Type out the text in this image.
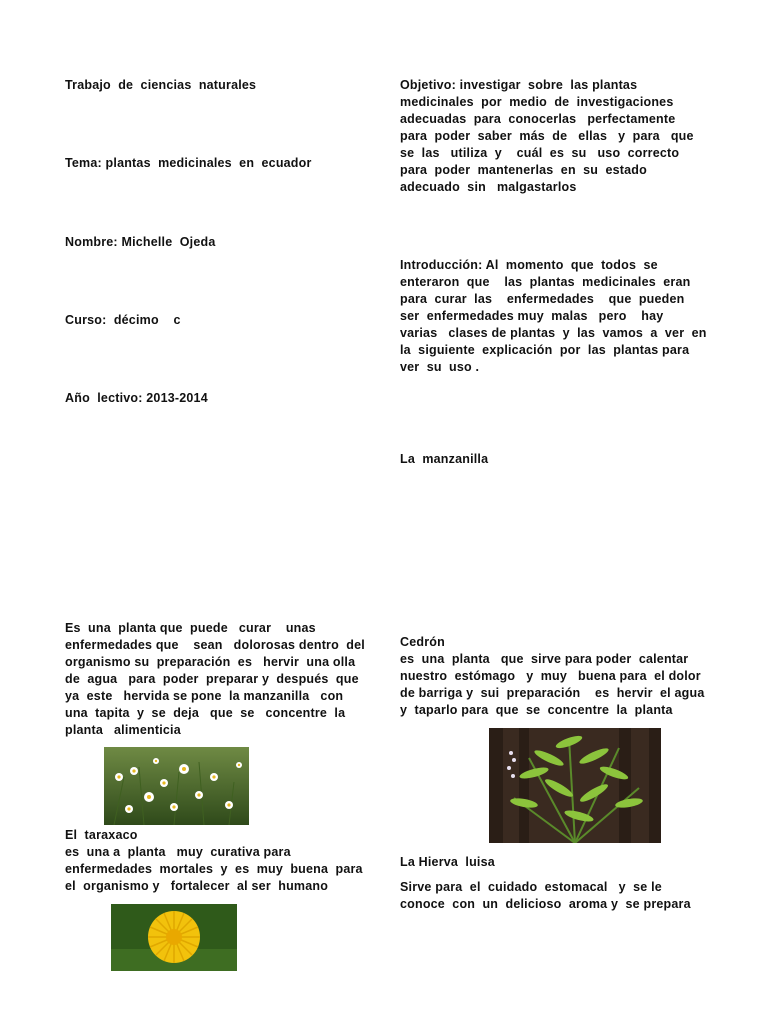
Trabajo  de  ciencias  naturales
Tema: plantas  medicinales  en  ecuador
Nombre: Michelle  Ojeda
Curso:  décimo    c
Año  lectivo: 2013-2014
Es  una  planta que  puede   curar    unas
enfermedades que    sean   dolorosas dentro  del
organismo su  preparación  es   hervir  una olla
de  agua   para  poder  preparar y  después  que
ya  este   hervida se pone  la manzanilla   con
una  tapita  y  se  deja   que  se   concentre  la
planta   alimenticia
El  taraxaco
es  una a  planta   muy  curativa para
enfermedades  mortales  y  es  muy  buena  para
el  organismo y   fortalecer  al ser  humano
Objetivo: investigar  sobre  las plantas
medicinales  por  medio  de  investigaciones
adecuadas  para  conocerlas   perfectamente
para  poder  saber  más  de   ellas   y  para   que
se  las   utiliza  y    cuál  es  su   uso  correcto
para  poder  mantenerlas  en  su  estado
adecuado  sin   malgastarlos
Introducción: Al  momento  que  todos  se
enteraron  que    las  plantas  medicinales  eran
para  curar  las    enfermedades    que  pueden
ser  enfermedades muy  malas   pero    hay
varias   clases de plantas  y  las  vamos  a  ver  en
la  siguiente  explicación  por  las  plantas para
ver  su  uso .
La  manzanilla
Cedrón
es  una  planta   que  sirve para poder  calentar
nuestro  estómago   y  muy   buena para  el dolor
de barriga y  sui  preparación    es  hervir  el agua
y  taparlo para  que  se  concentre  la  planta
La Hierva  luisa
Sirve para  el  cuidado  estomacal   y  se le
conoce  con  un  delicioso  aroma y  se prepara
